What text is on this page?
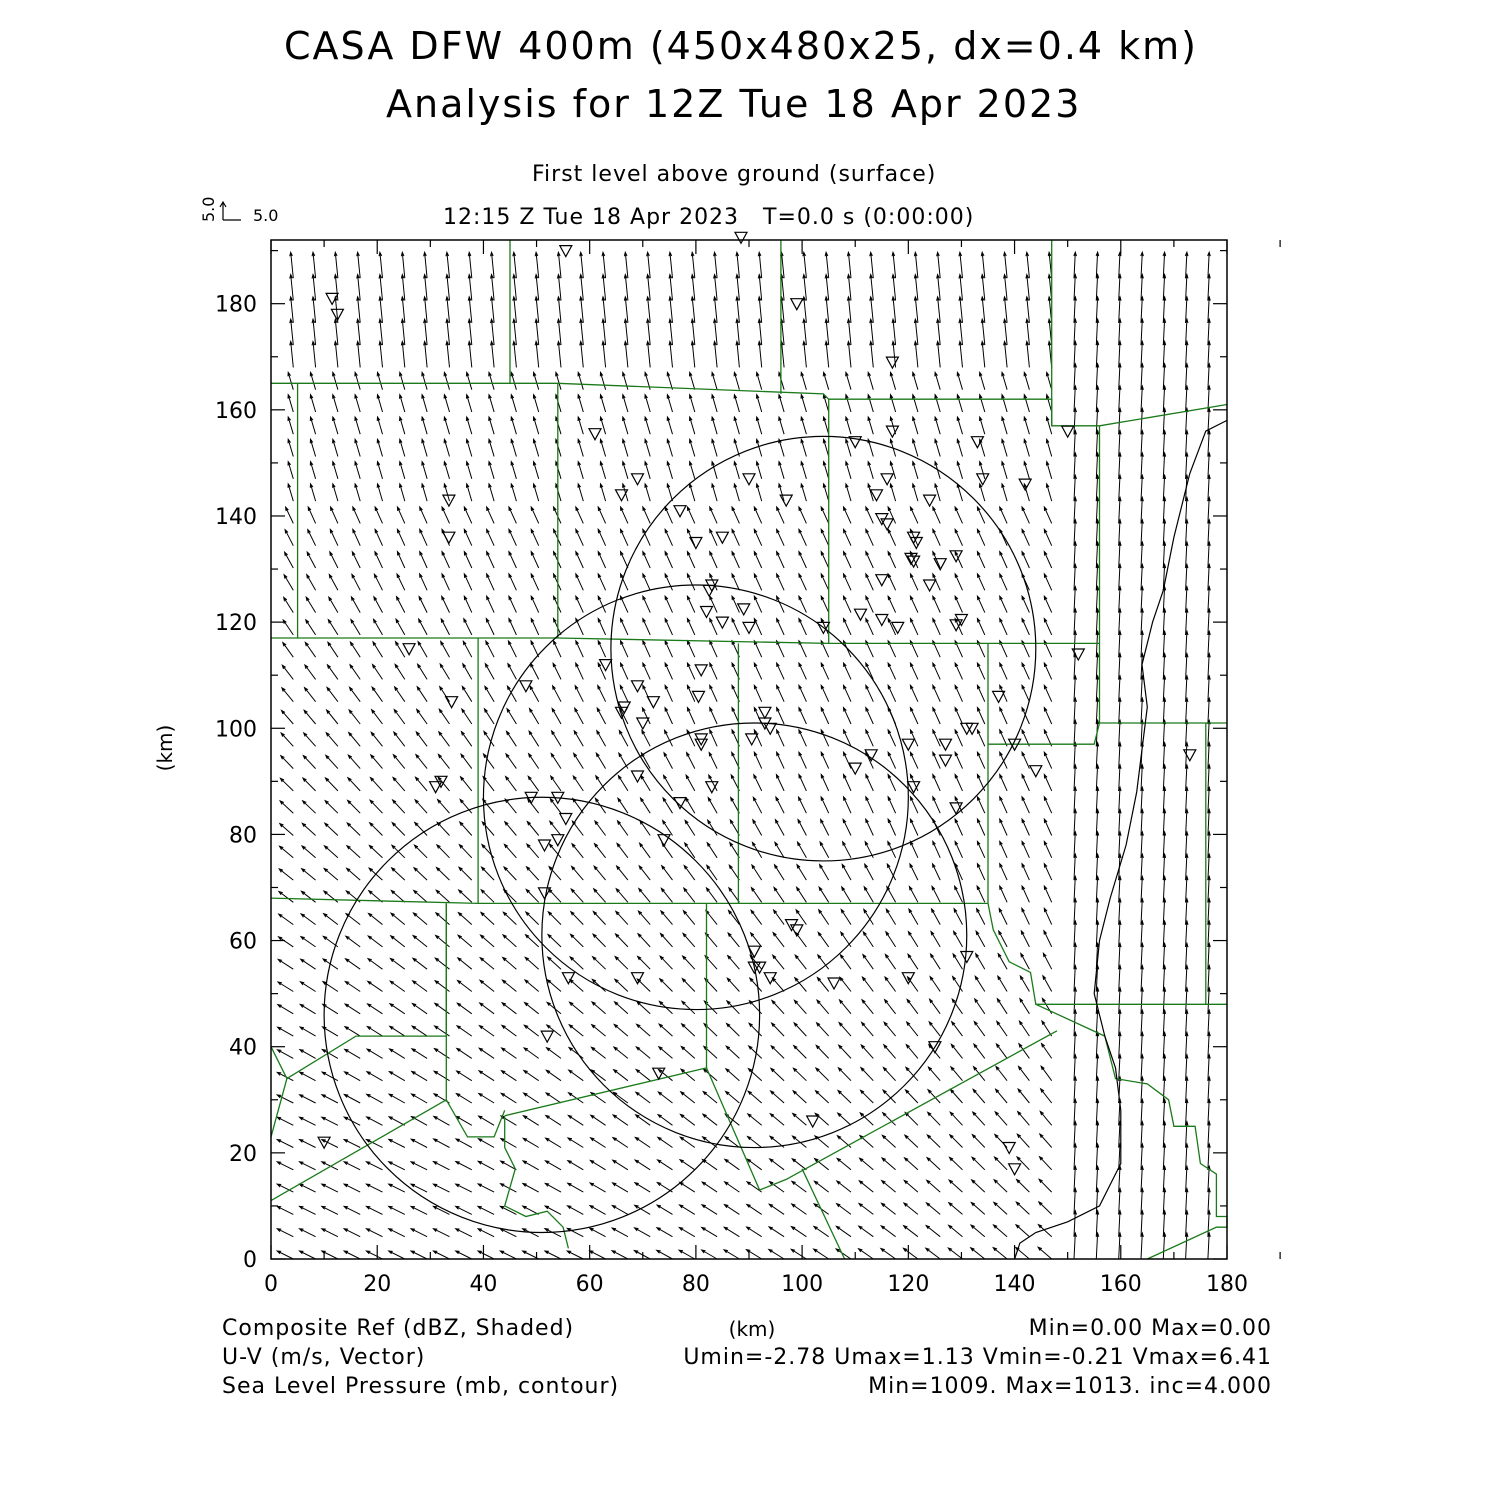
CASA DFW 400m (450x480x25, dx=0.4 km)
Analysis for 12Z Tue 18 Apr 2023
First level above ground (surface)
12:15 Z Tue 18 Apr 2023   T=0.0 s (0:00:00)
0	20	40	60	80	100	120	140	160	180
0
20
40
60
80
100
120
140
160
180
(km)
(km)
5.0 5.0
Composite Ref (dBZ, Shaded)	Min=0.00 Max=0.00
U-V (m/s, Vector)	Umin=-2.78 Umax=1.13 Vmin=-0.21 Vmax=6.41
Sea Level Pressure (mb, contour)	Min=1009. Max=1013. inc=4.000
